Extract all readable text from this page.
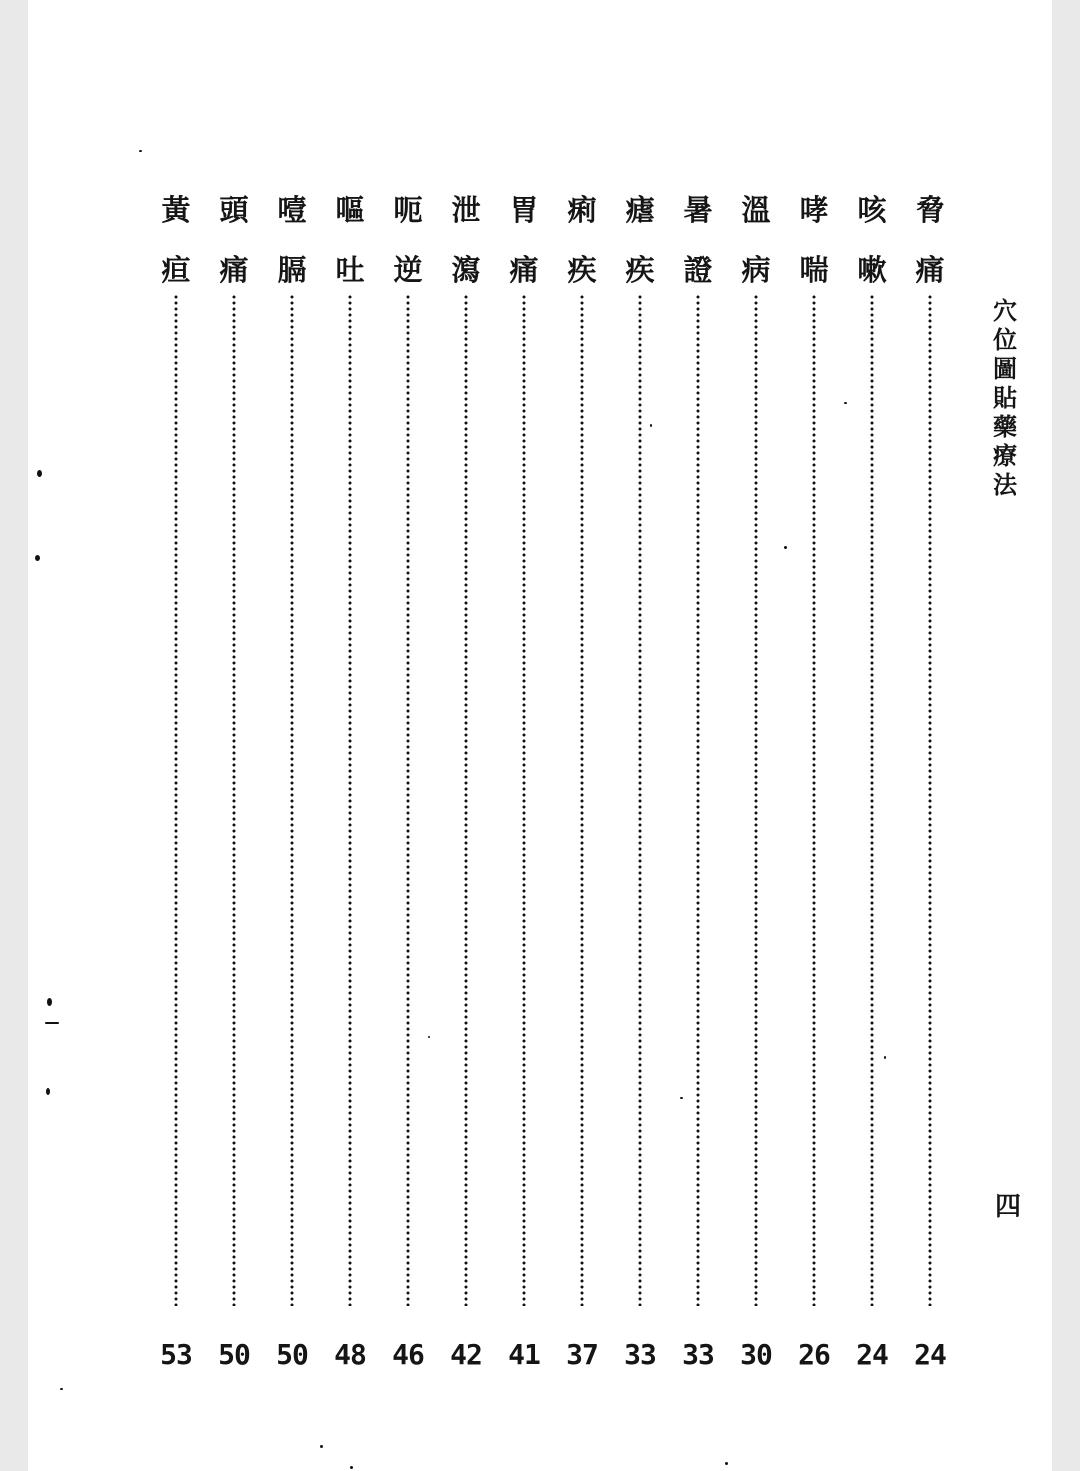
穴
位
圖
貼
藥
療
法
四
脅
痛
24
咳
嗽
24
哮
喘
26
溫
病
30
暑
證
33
瘧
疾
33
痢
疾
37
胃
痛
41
泄
瀉
42
呃
逆
46
嘔
吐
48
噎
膈
50
頭
痛
50
黃
疸
53
